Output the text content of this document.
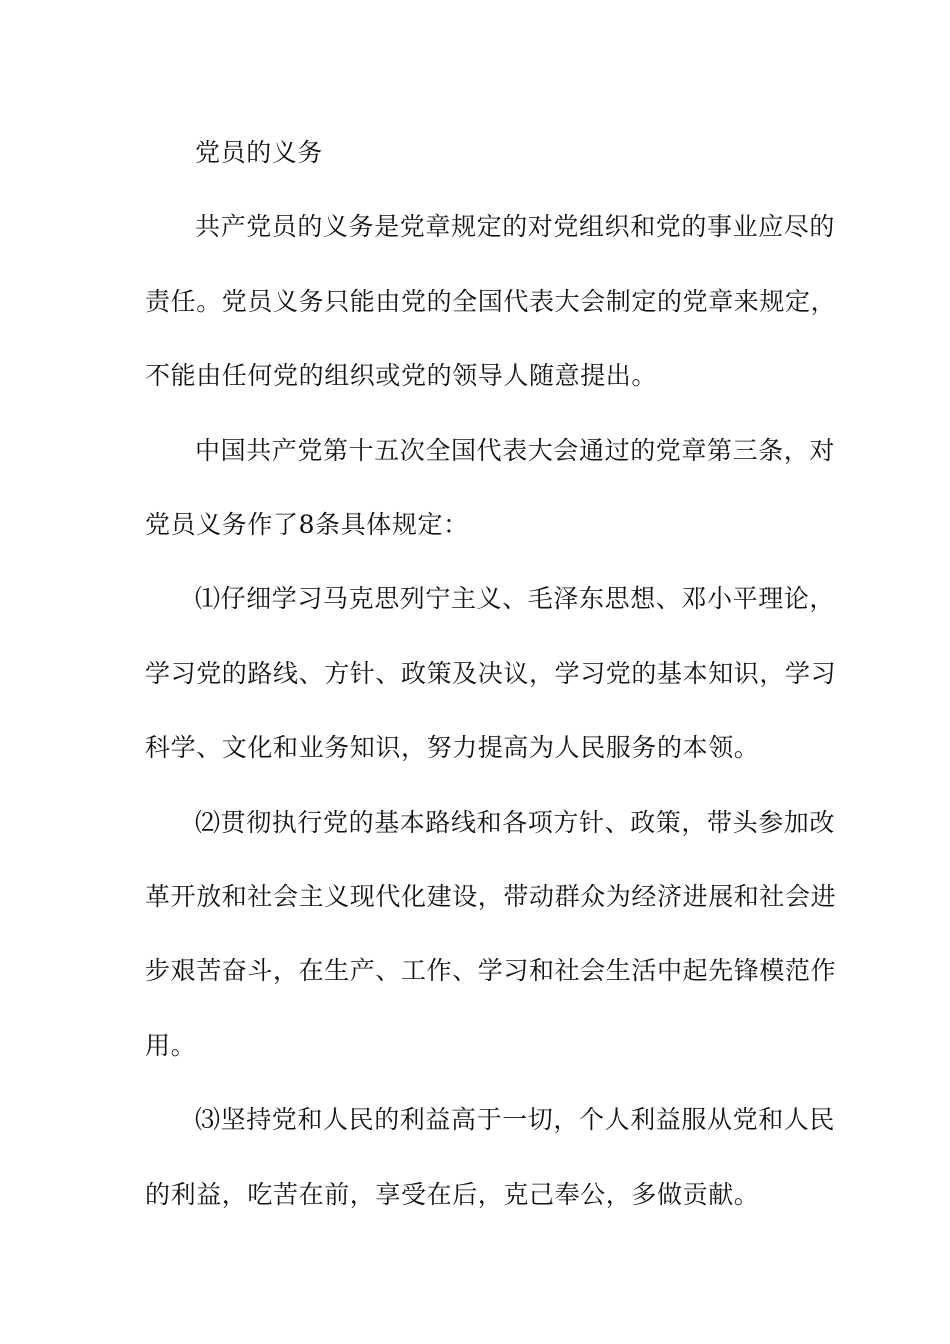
党员的义务
共产党员的义务是党章规定的对党组织和党的事业应尽的
责任。党员义务只能由党的全国代表大会制定的党章来规定，
不能由任何党的组织或党的领导人随意提出。
中国共产党第十五次全国代表大会通过的党章第三条，对
党员义务作了8条具体规定：
⑴仔细学习马克思列宁主义、毛泽东思想、邓小平理论，
学习党的路线、方针、政策及决议，学习党的基本知识，学习
科学、文化和业务知识，努力提高为人民服务的本领。
⑵贯彻执行党的基本路线和各项方针、政策，带头参加改
革开放和社会主义现代化建设，带动群众为经济进展和社会进
步艰苦奋斗，在生产、工作、学习和社会生活中起先锋模范作
用。
⑶坚持党和人民的利益高于一切，个人利益服从党和人民
的利益，吃苦在前，享受在后，克己奉公，多做贡献。
